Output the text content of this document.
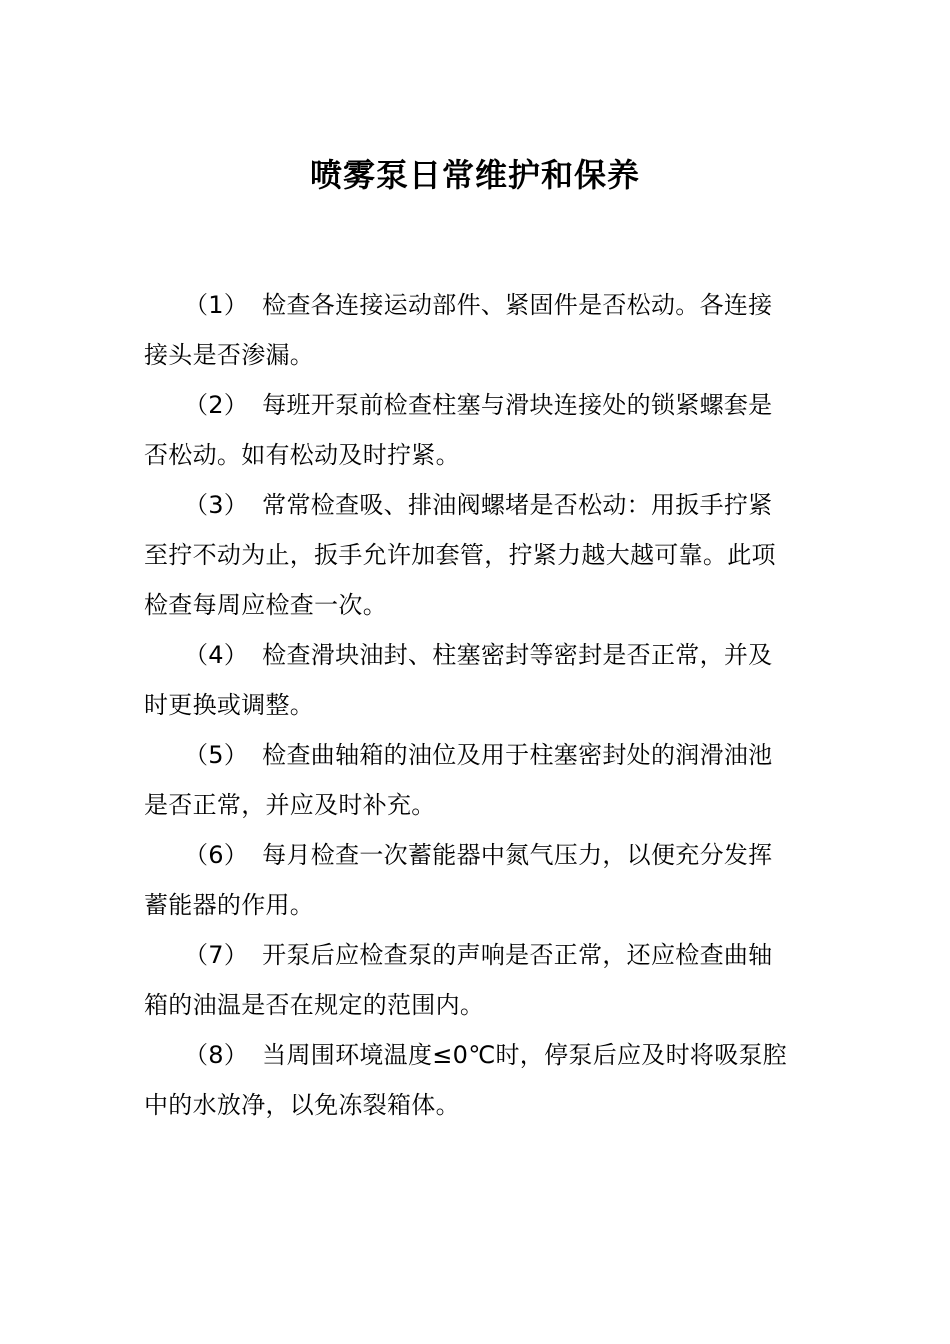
喷雾泵日常维护和保养

（1） 检查各连接运动部件、紧固件是否松动。各连接接头是否渗漏。

（2） 每班开泵前检查柱塞与滑块连接处的锁紧螺套是否松动。如有松动及时拧紧。

（3） 常常检查吸、排油阀螺堵是否松动：用扳手拧紧至拧不动为止，扳手允许加套管，拧紧力越大越可靠。此项检查每周应检查一次。

（4） 检查滑块油封、柱塞密封等密封是否正常，并及时更换或调整。

（5） 检查曲轴箱的油位及用于柱塞密封处的润滑油池是否正常，并应及时补充。

（6） 每月检查一次蓄能器中氮气压力，以便充分发挥蓄能器的作用。

（7） 开泵后应检查泵的声响是否正常，还应检查曲轴箱的油温是否在规定的范围内。

（8） 当周围环境温度≤0℃时，停泵后应及时将吸泵腔中的水放净，以免冻裂箱体。
